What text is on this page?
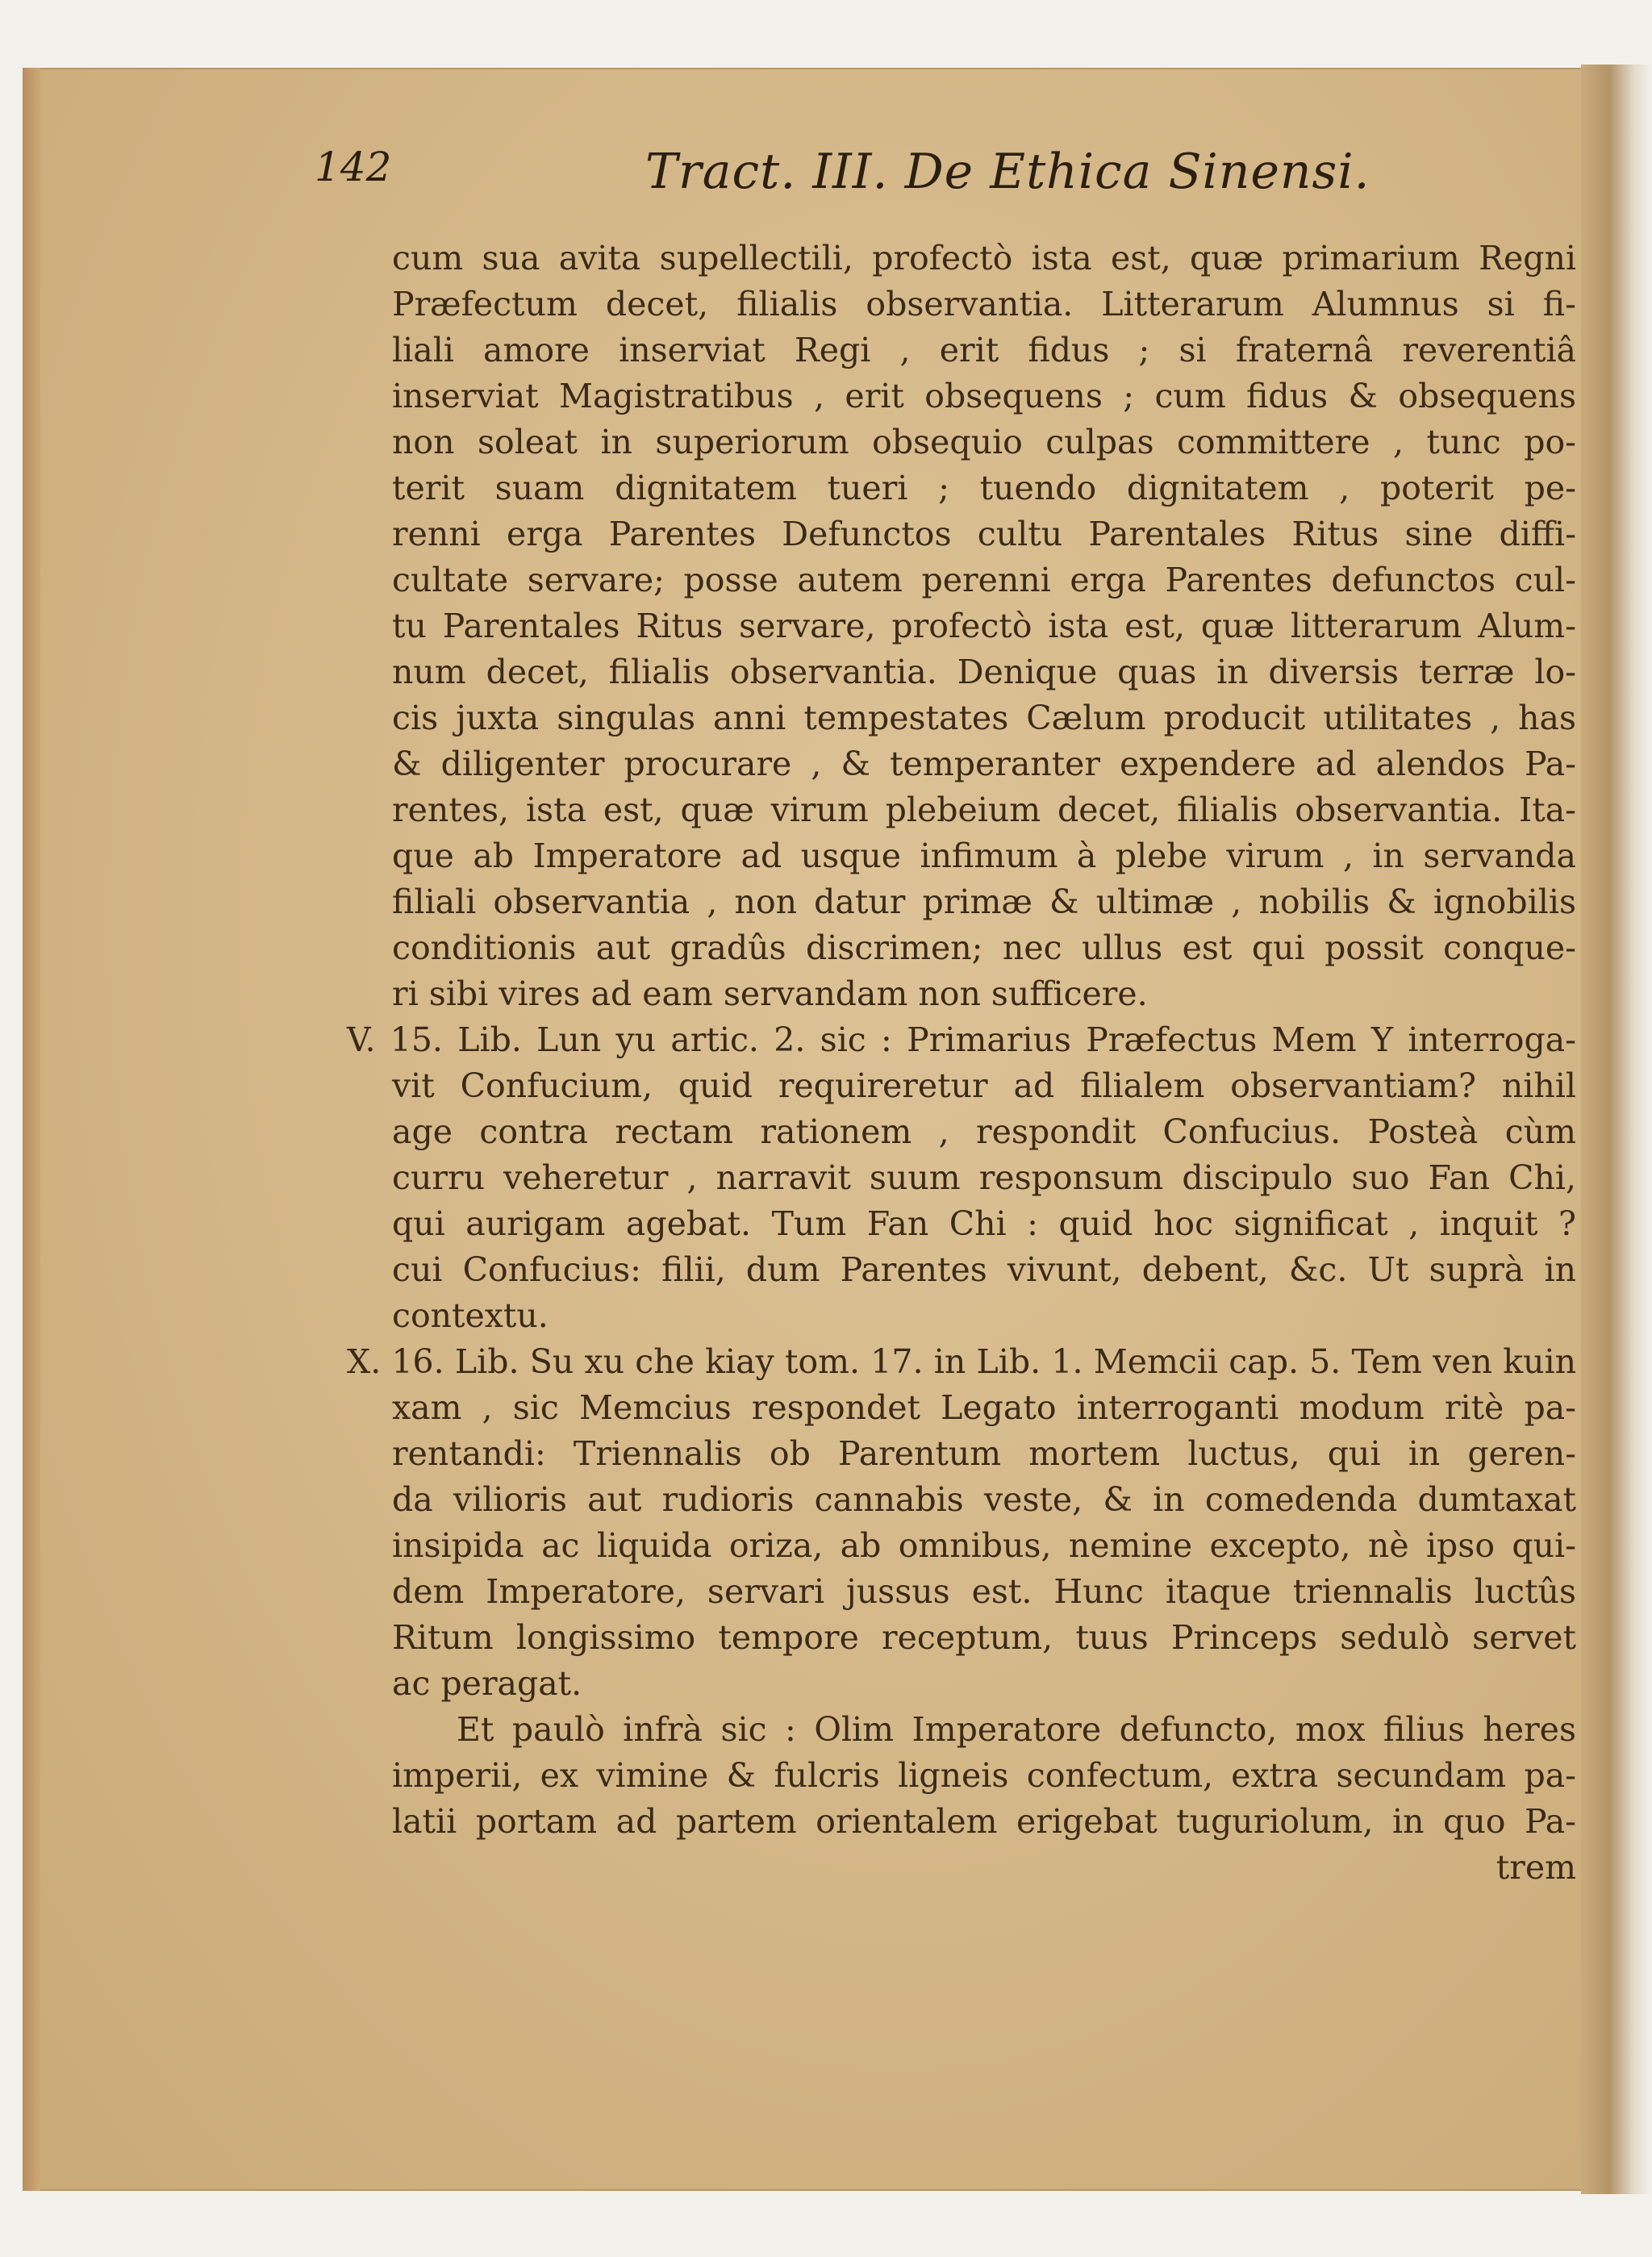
142	Tract. III. De Ethica Sinensi.
cum sua avita supellectili, profectò ista est, quæ primarium Regni
Præfectum decet, filialis observantia. Litterarum Alumnus si fi-
liali amore inserviat Regi , erit fidus ; si fraternâ reverentiâ
inserviat Magistratibus , erit obsequens ; cum fidus & obsequens
non soleat in superiorum obsequio culpas committere , tunc po-
terit suam dignitatem tueri ; tuendo dignitatem , poterit pe-
renni erga Parentes Defunctos cultu Parentales Ritus sine diffi-
cultate servare; posse autem perenni erga Parentes defunctos cul-
tu Parentales Ritus servare, profectò ista est, quæ litterarum Alum-
num decet, filialis observantia. Denique quas in diversis terræ lo-
cis juxta singulas anni tempestates Cælum producit utilitates , has
& diligenter procurare , & temperanter expendere ad alendos Pa-
rentes, ista est, quæ virum plebeium decet, filialis observantia. Ita-
que ab Imperatore ad usque infimum à plebe virum , in servanda
filiali observantia , non datur primæ & ultimæ , nobilis & ignobilis
conditionis aut gradûs discrimen; nec ullus est qui possit conque-
ri sibi vires ad eam servandam non sufficere.
V. 15. Lib. Lun yu artic. 2. sic : Primarius Præfectus Mem Y interroga-
vit Confucium, quid requireretur ad filialem observantiam? nihil
age contra rectam rationem , respondit Confucius. Posteà cùm
curru veheretur , narravit suum responsum discipulo suo Fan Chi,
qui aurigam agebat. Tum Fan Chi : quid hoc significat , inquit ?
cui Confucius: filii, dum Parentes vivunt, debent, &c. Ut suprà in
contextu.
X. 16. Lib. Su xu che kiay tom. 17. in Lib. 1. Memcii cap. 5. Tem ven kuin
xam , sic Memcius respondet Legato interroganti modum ritè pa-
rentandi: Triennalis ob Parentum mortem luctus, qui in geren-
da vilioris aut rudioris cannabis veste, & in comedenda dumtaxat
insipida ac liquida oriza, ab omnibus, nemine excepto, nè ipso qui-
dem Imperatore, servari jussus est. Hunc itaque triennalis luctûs
Ritum longissimo tempore receptum, tuus Princeps sedulò servet
ac peragat.
Et paulò infrà sic : Olim Imperatore defuncto, mox filius heres
imperii, ex vimine & fulcris ligneis confectum, extra secundam pa-
latii portam ad partem orientalem erigebat tuguriolum, in quo Pa-
trem
